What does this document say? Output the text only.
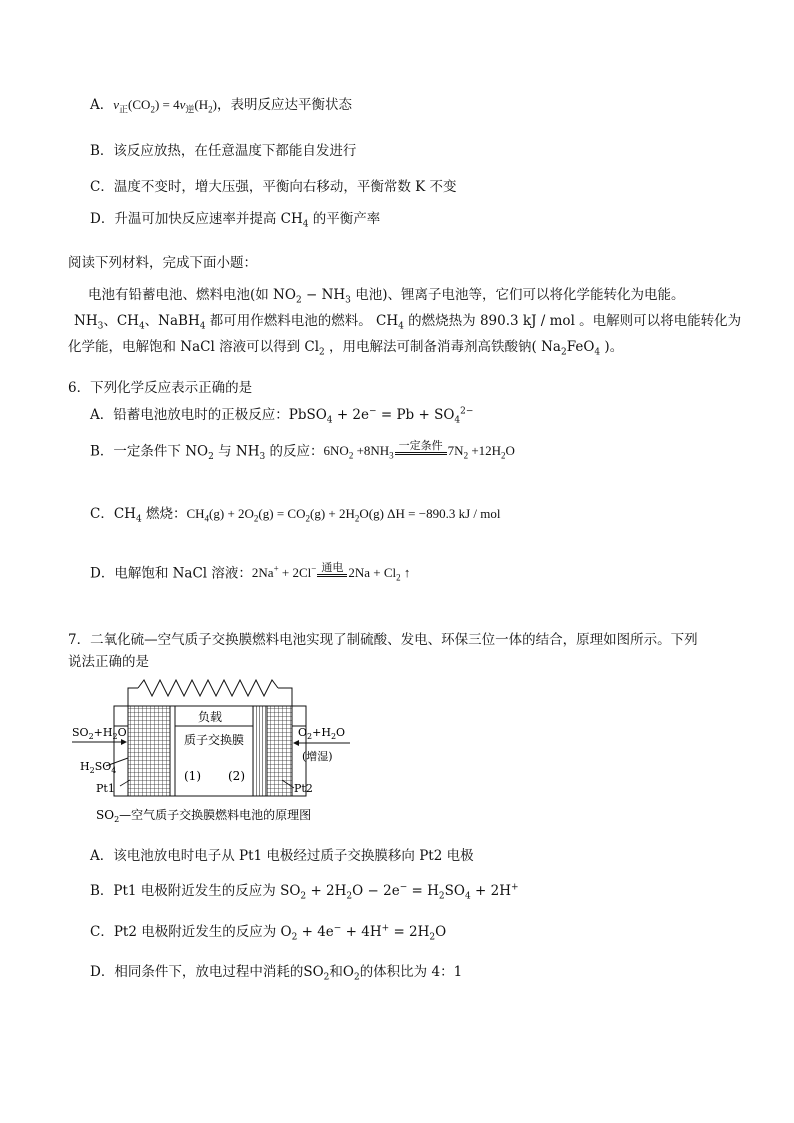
A．$v_正(CO_2) = 4v_逆(H_2)$，表明反应达平衡状态
B．该反应放热，在任意温度下都能自发进行
C．温度不变时，增大压强，平衡向右移动，平衡常数 K 不变
D．升温可加快反应速率并提高 $CH_4$ 的平衡产率
阅读下列材料，完成下面小题：
电池有铅蓄电池、燃料电池(如 $NO_2 - NH_3$ 电池)、锂离子电池等，它们可以将化学能转化为电能。
$NH_3$、$CH_4$、NaBH$_4$ 都可用作燃料电池的燃料。 $CH_4$ 的燃烧热为 890.3 kJ / mol 。电解则可以将电能转化为
化学能，电解饱和 NaCl 溶液可以得到 $Cl_2$ ，用电解法可制备消毒剂高铁酸钠( $Na_2FeO_4$ )。
6．下列化学反应表示正确的是
A．铅蓄电池放电时的正极反应：PbSO$_4$ + $2e^- = Pb + SO_4^{2-}$
B．一定条件下 $NO_2$ 与 $NH_3$ 的反应：$6NO_2 +8NH_3$
一定条件 $7N_2 +12H_2O$
C．$CH_4$ 燃烧：$CH_4(g) + 2O_2(g) = CO_2(g) + 2H_2O(g) \Delta H = -890.3$ kJ / mol
D．电解饱和 NaCl 溶液：2Na+ + 2Cl− 通电 $2Na + Cl_2$ ↑
7．二氧化硫—空气质子交换膜燃料电池实现了制硫酸、发电、环保三位一体的结合，原理如图所示。下列
说法正确的是
负载
质子交换膜
(1) (2)
$SO_2+H_2O$
$H_2SO_4$
Pt1
$O_2+H_2O$
(增湿)
Pt2
$SO_2—$空气质子交换膜燃料电池的原理图
A．该电池放电时电子从 Pt1 电极经过质子交换膜移向 Pt2 电极
B．Pt1 电极附近发生的反应为 $SO_2 + 2H_2O - 2e^- = H_2SO_4 + 2H^+$
C．Pt2 电极附近发生的反应为 $O_2 + 4e^- + 4H^+ = 2H_2O$
D．相同条件下，放电过程中消耗的$SO_2$和$O_2$的体积比为 4：1
